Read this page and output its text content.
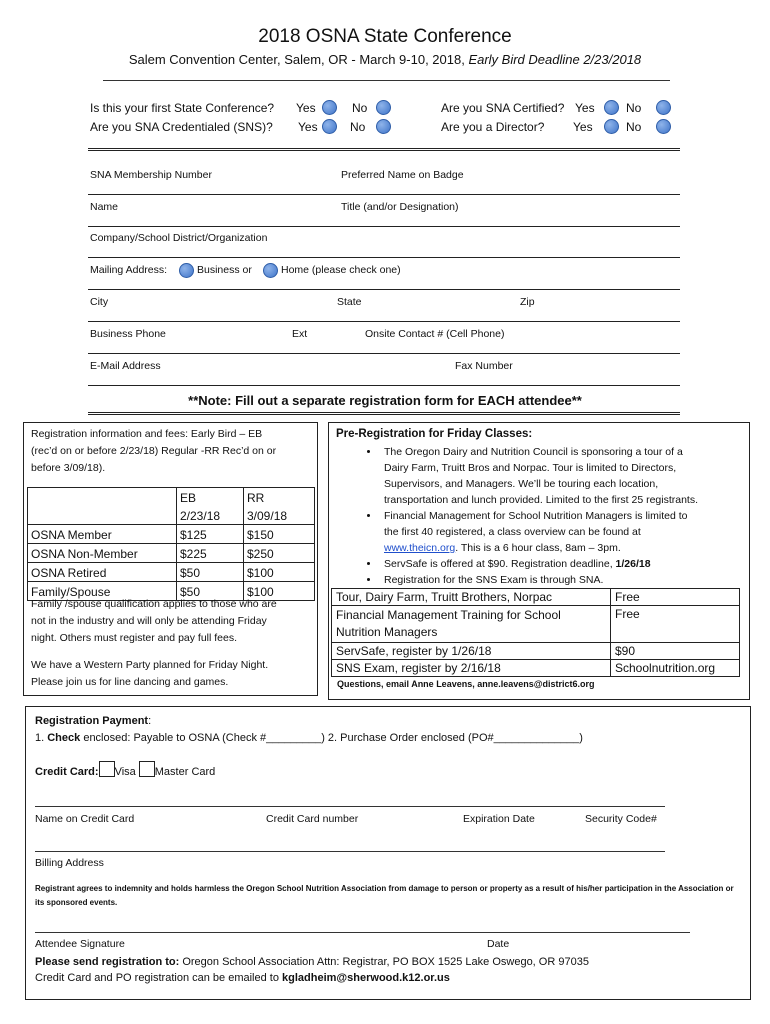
2018 OSNA State Conference
Salem Convention Center, Salem, OR - March 9-10, 2018, Early Bird Deadline 2/23/2018
Is this your first State Conference? Yes	No
Are you SNA Credentialed (SNS)? Yes	No
Are you SNA Certified? Yes	No
Are you a Director? Yes	No
SNA Membership Number	Preferred Name on Badge
Name	Title (and/or Designation)
Company/School District/Organization
Mailing Address:	Business or	Home (please check one)
City	State	Zip
Business Phone	Ext	Onsite Contact # (Cell Phone)
E-Mail Address	Fax Number
**Note: Fill out a separate registration form for EACH attendee**
Registration information and fees: Early Bird – EB
(rec’d on or before 2/23/18) Regular -RR Rec’d on or
before 3/09/18).
	EB	RR
	2/23/18	3/09/18
OSNA Member	$125	$150
OSNA Non-Member	$225	$250
OSNA Retired	$50	$100
Family/Spouse	$50	$100
Family /spouse qualification applies to those who are
not in the industry and will only be attending Friday
night. Others must register and pay full fees.
We have a Western Party planned for Friday Night.
Please join us for line dancing and games.
Pre-Registration for Friday Classes:
• The Oregon Dairy and Nutrition Council is sponsoring a tour of a
Dairy Farm, Truitt Bros and Norpac. Tour is limited to Directors,
Supervisors, and Managers. We’ll be touring each location,
transportation and lunch provided. Limited to the first 25 registrants.
• Financial Management for School Nutrition Managers is limited to
the first 40 registered, a class overview can be found at
www.theicn.org. This is a 6 hour class, 8am – 3pm.
• ServSafe is offered at $90. Registration deadline, 1/26/18
• Registration for the SNS Exam is through SNA.
Tour, Dairy Farm, Truitt Brothers, Norpac	Free
Financial Management Training for School Nutrition Managers	Free
ServSafe, register by 1/26/18	$90
SNS Exam, register by 2/16/18	Schoolnutrition.org
Questions, email Anne Leavens, anne.leavens@district6.org
Registration Payment:
1. Check enclosed: Payable to OSNA (Check #_________) 2. Purchase Order enclosed (PO#______________)
Credit Card: Visa Master Card
Name on Credit Card	Credit Card number	Expiration Date	Security Code#
Billing Address
Registrant agrees to indemnity and holds harmless the Oregon School Nutrition Association from damage to person or property as a result of his/her participation in the Association or its sponsored events.
Attendee Signature	Date
Please send registration to: Oregon School Association Attn: Registrar, PO BOX 1525 Lake Oswego, OR 97035
Credit Card and PO registration can be emailed to kgladheim@sherwood.k12.or.us
